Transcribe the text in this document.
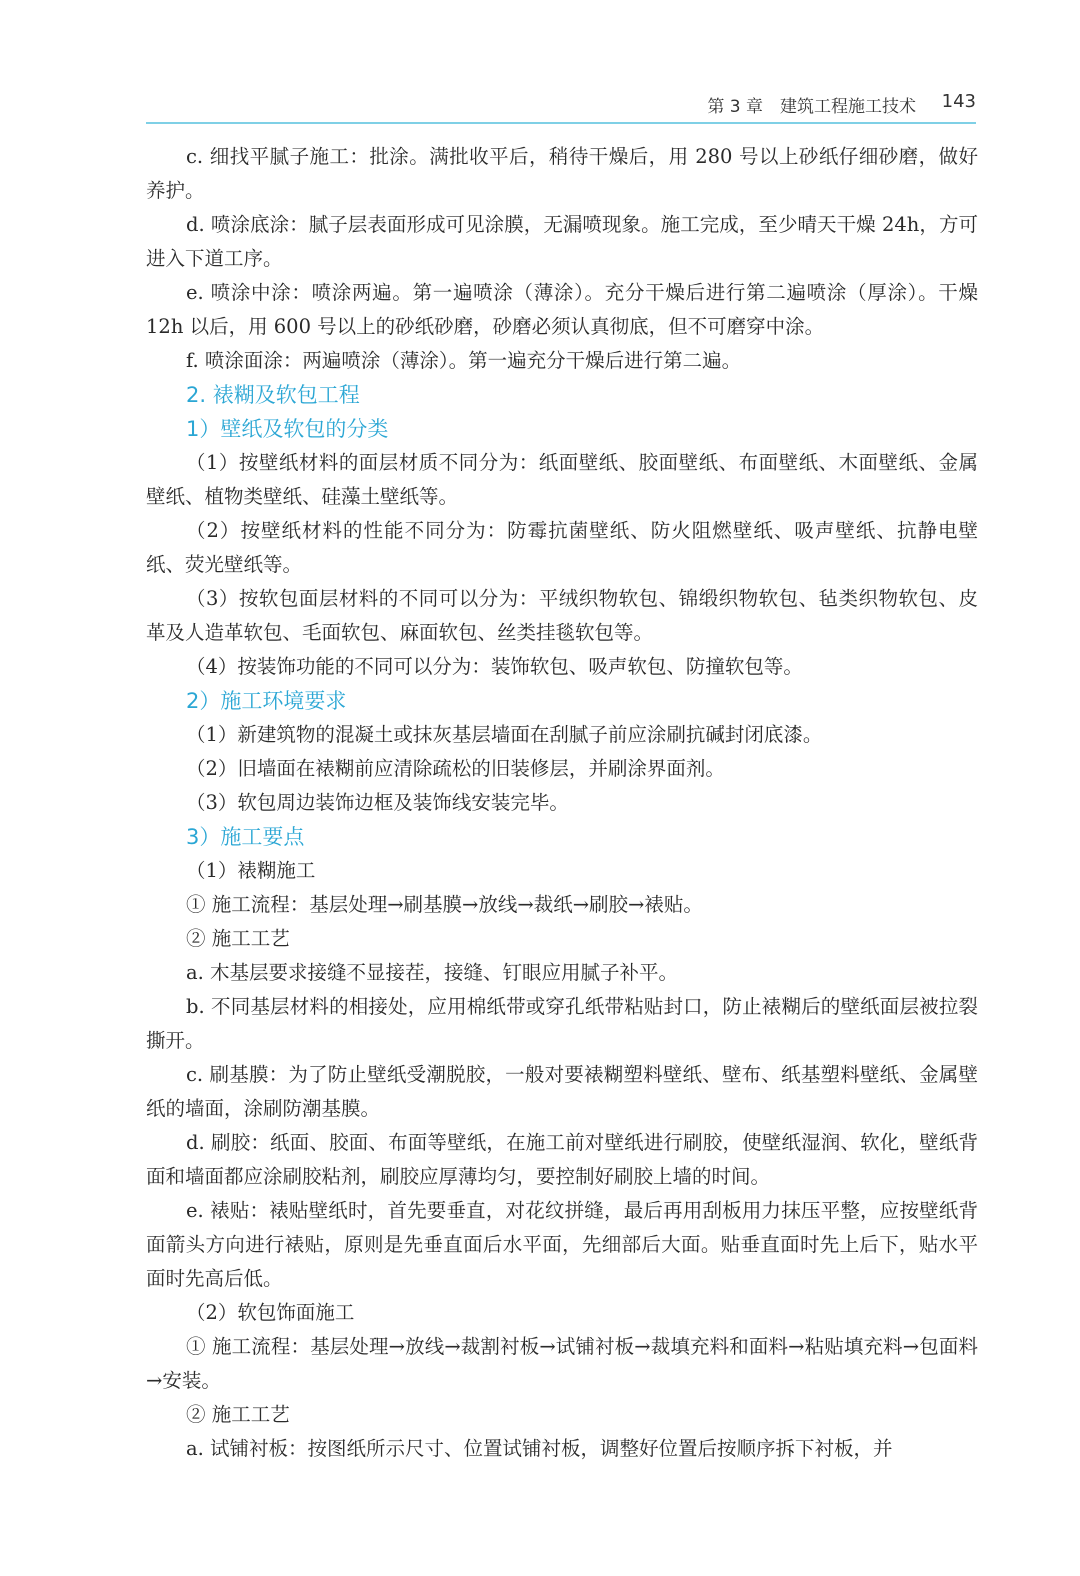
第 3 章　建筑工程施工技术 143

c. 细找平腻子施工：批涂。满批收平后，稍待干燥后，用 280 号以上砂纸仔细砂磨，做好养护。

d. 喷涂底涂：腻子层表面形成可见涂膜，无漏喷现象。施工完成，至少晴天干燥 24h，方可进入下道工序。

e. 喷涂中涂：喷涂两遍。第一遍喷涂（薄涂）。充分干燥后进行第二遍喷涂（厚涂）。干燥 12h 以后，用 600 号以上的砂纸砂磨，砂磨必须认真彻底，但不可磨穿中涂。

f. 喷涂面涂：两遍喷涂（薄涂）。第一遍充分干燥后进行第二遍。

2. 裱糊及软包工程

1）壁纸及软包的分类

（1）按壁纸材料的面层材质不同分为：纸面壁纸、胶面壁纸、布面壁纸、木面壁纸、金属壁纸、植物类壁纸、硅藻土壁纸等。

（2）按壁纸材料的性能不同分为：防霉抗菌壁纸、防火阻燃壁纸、吸声壁纸、抗静电壁纸、荧光壁纸等。

（3）按软包面层材料的不同可以分为：平绒织物软包、锦缎织物软包、毡类织物软包、皮革及人造革软包、毛面软包、麻面软包、丝类挂毯软包等。

（4）按装饰功能的不同可以分为：装饰软包、吸声软包、防撞软包等。

2）施工环境要求

（1）新建筑物的混凝土或抹灰基层墙面在刮腻子前应涂刷抗碱封闭底漆。

（2）旧墙面在裱糊前应清除疏松的旧装修层，并刷涂界面剂。

（3）软包周边装饰边框及装饰线安装完毕。

3）施工要点

（1）裱糊施工

① 施工流程：基层处理→刷基膜→放线→裁纸→刷胶→裱贴。

② 施工工艺

a. 木基层要求接缝不显接茬，接缝、钉眼应用腻子补平。

b. 不同基层材料的相接处，应用棉纸带或穿孔纸带粘贴封口，防止裱糊后的壁纸面层被拉裂撕开。

c. 刷基膜：为了防止壁纸受潮脱胶，一般对要裱糊塑料壁纸、壁布、纸基塑料壁纸、金属壁纸的墙面，涂刷防潮基膜。

d. 刷胶：纸面、胶面、布面等壁纸，在施工前对壁纸进行刷胶，使壁纸湿润、软化，壁纸背面和墙面都应涂刷胶粘剂，刷胶应厚薄均匀，要控制好刷胶上墙的时间。

e. 裱贴：裱贴壁纸时，首先要垂直，对花纹拼缝，最后再用刮板用力抹压平整，应按壁纸背面箭头方向进行裱贴，原则是先垂直面后水平面，先细部后大面。贴垂直面时先上后下，贴水平面时先高后低。

（2）软包饰面施工

① 施工流程：基层处理→放线→裁割衬板→试铺衬板→裁填充料和面料→粘贴填充料→包面料→安装。

② 施工工艺

a. 试铺衬板：按图纸所示尺寸、位置试铺衬板，调整好位置后按顺序拆下衬板，并
